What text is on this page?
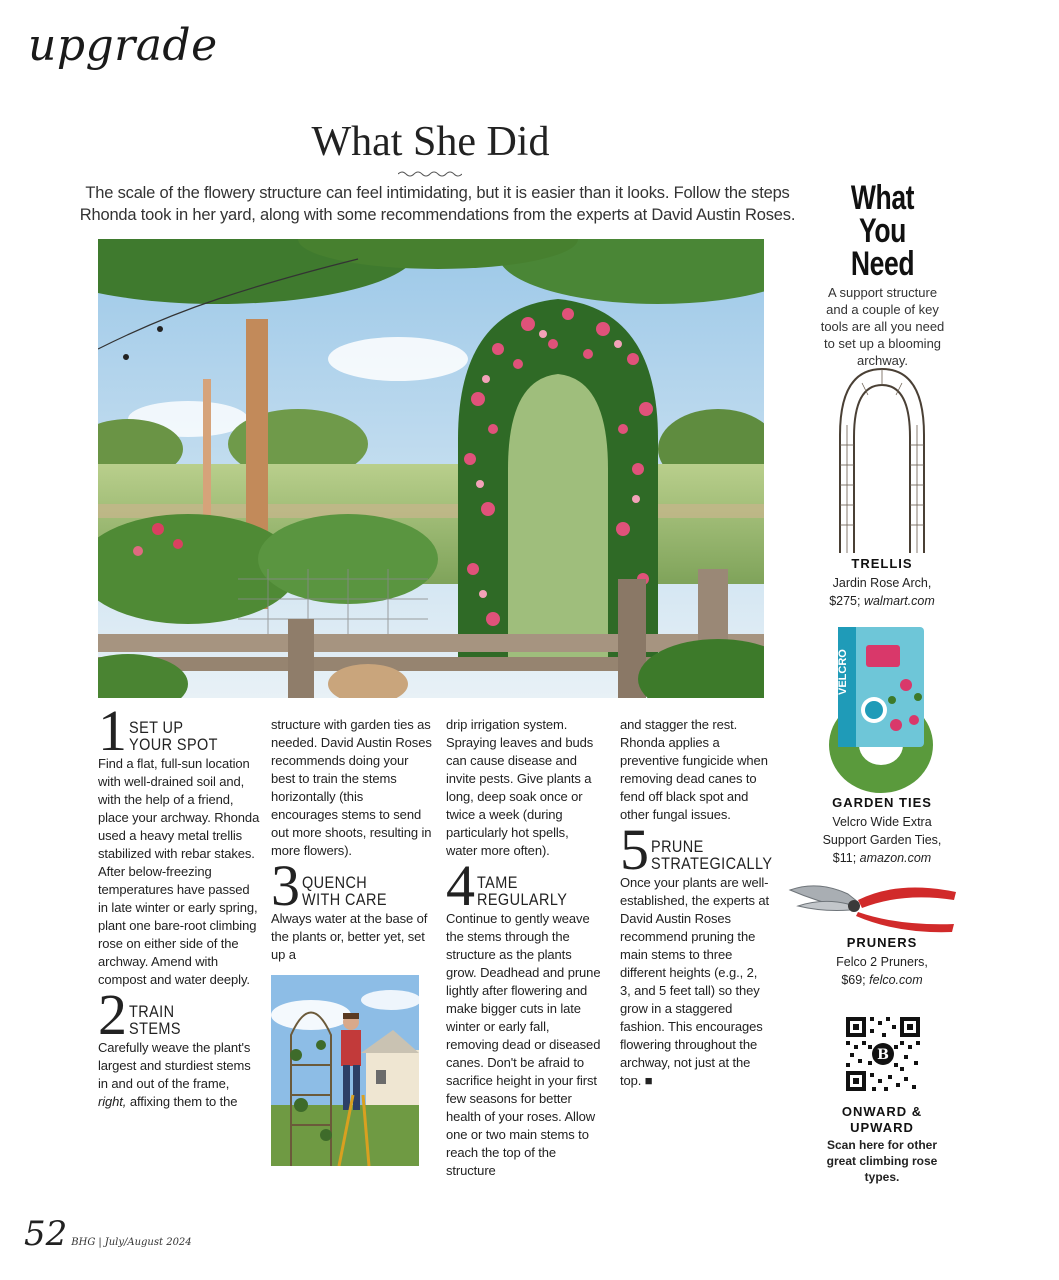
upgrade
What She Did
The scale of the flowery structure can feel intimidating, but it is easier than it looks. Follow the steps Rhonda took in her yard, along with some recommendations from the experts at David Austin Roses.
1 SET UP
YOUR SPOT
Find a flat, full-sun location with well-drained soil and, with the help of a friend, place your archway. Rhonda used a heavy metal trellis stabilized with rebar stakes. After below-freezing temperatures have passed in late winter or early spring, plant one bare-root climbing rose on either side of the archway. Amend with compost and water deeply.
2 TRAIN
STEMS
Carefully weave the plant's largest and sturdiest stems in and out of the frame, right, affixing them to the
structure with garden ties as needed. David Austin Roses recommends doing your best to train the stems horizontally (this encourages stems to send out more shoots, resulting in more flowers).
3 QUENCH
WITH CARE
Always water at the base of the plants or, better yet, set up a
drip irrigation system. Spraying leaves and buds can cause disease and invite pests. Give plants a long, deep soak once or twice a week (during particularly hot spells, water more often).
4 TAME
REGULARLY
Continue to gently weave the stems through the structure as the plants grow. Deadhead and prune lightly after flowering and make bigger cuts in late winter or early fall, removing dead or diseased canes. Don't be afraid to sacrifice height in your first few seasons for better health of your roses. Allow one or two main stems to reach the top of the structure
and stagger the rest. Rhonda applies a preventive fungicide when removing dead canes to fend off black spot and other fungal issues.
5 PRUNE
STRATEGICALLY
Once your plants are well-established, the experts at David Austin Roses recommend pruning the main stems to three different heights (e.g., 2, 3, and 5 feet tall) so they grow in a staggered fashion. This encourages flowering throughout the archway, not just at the top. ■
What
You Need
A support structure and a couple of key tools are all you need to set up a blooming archway.
TRELLIS
Jardin Rose Arch,
$275; walmart.com
VELCRO
GARDEN TIES
Velcro Wide Extra
Support Garden Ties,
$11; amazon.com
PRUNERS
Felco 2 Pruners,
$69; felco.com
B
ONWARD &
UPWARD
Scan here for other great climbing rose types.
52 BHG | July/August 2024
